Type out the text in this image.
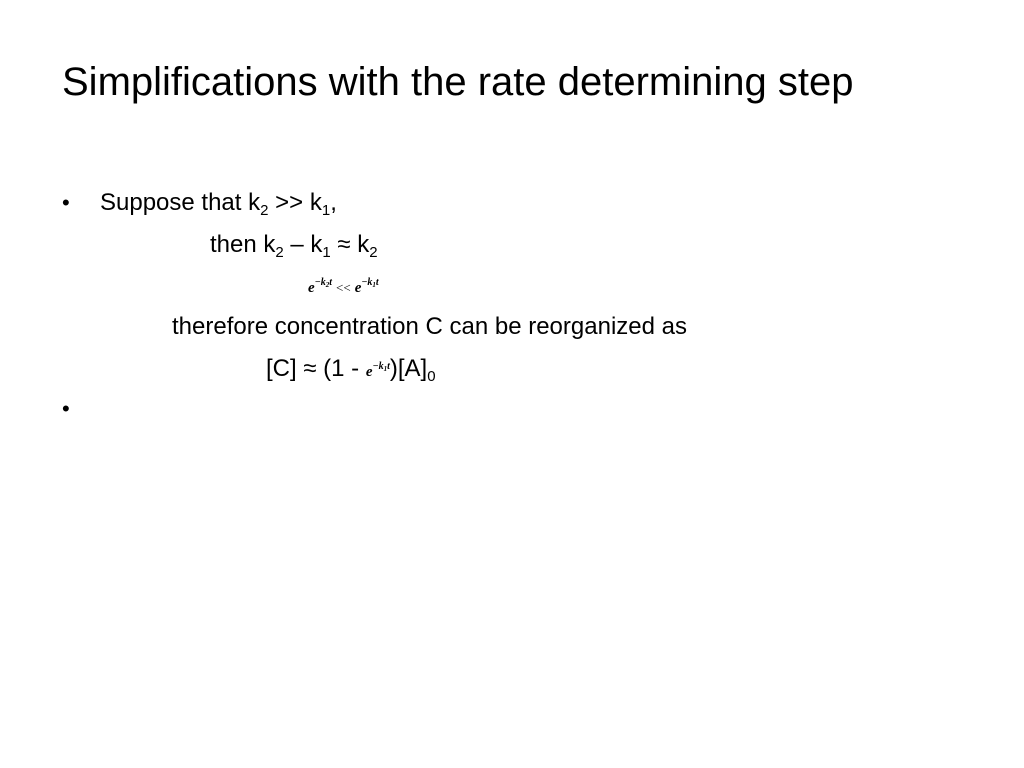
Simplifications with the rate determining step
• Suppose that $k_2 >> k_1$,
then $k_2 - k_1 \approx k_2$
$e^{-k_2t} << e^{-k_1t}$
therefore concentration C can be reorganized as
$[C] \approx (1 - e^{-k_1t})[A]_0$
•
